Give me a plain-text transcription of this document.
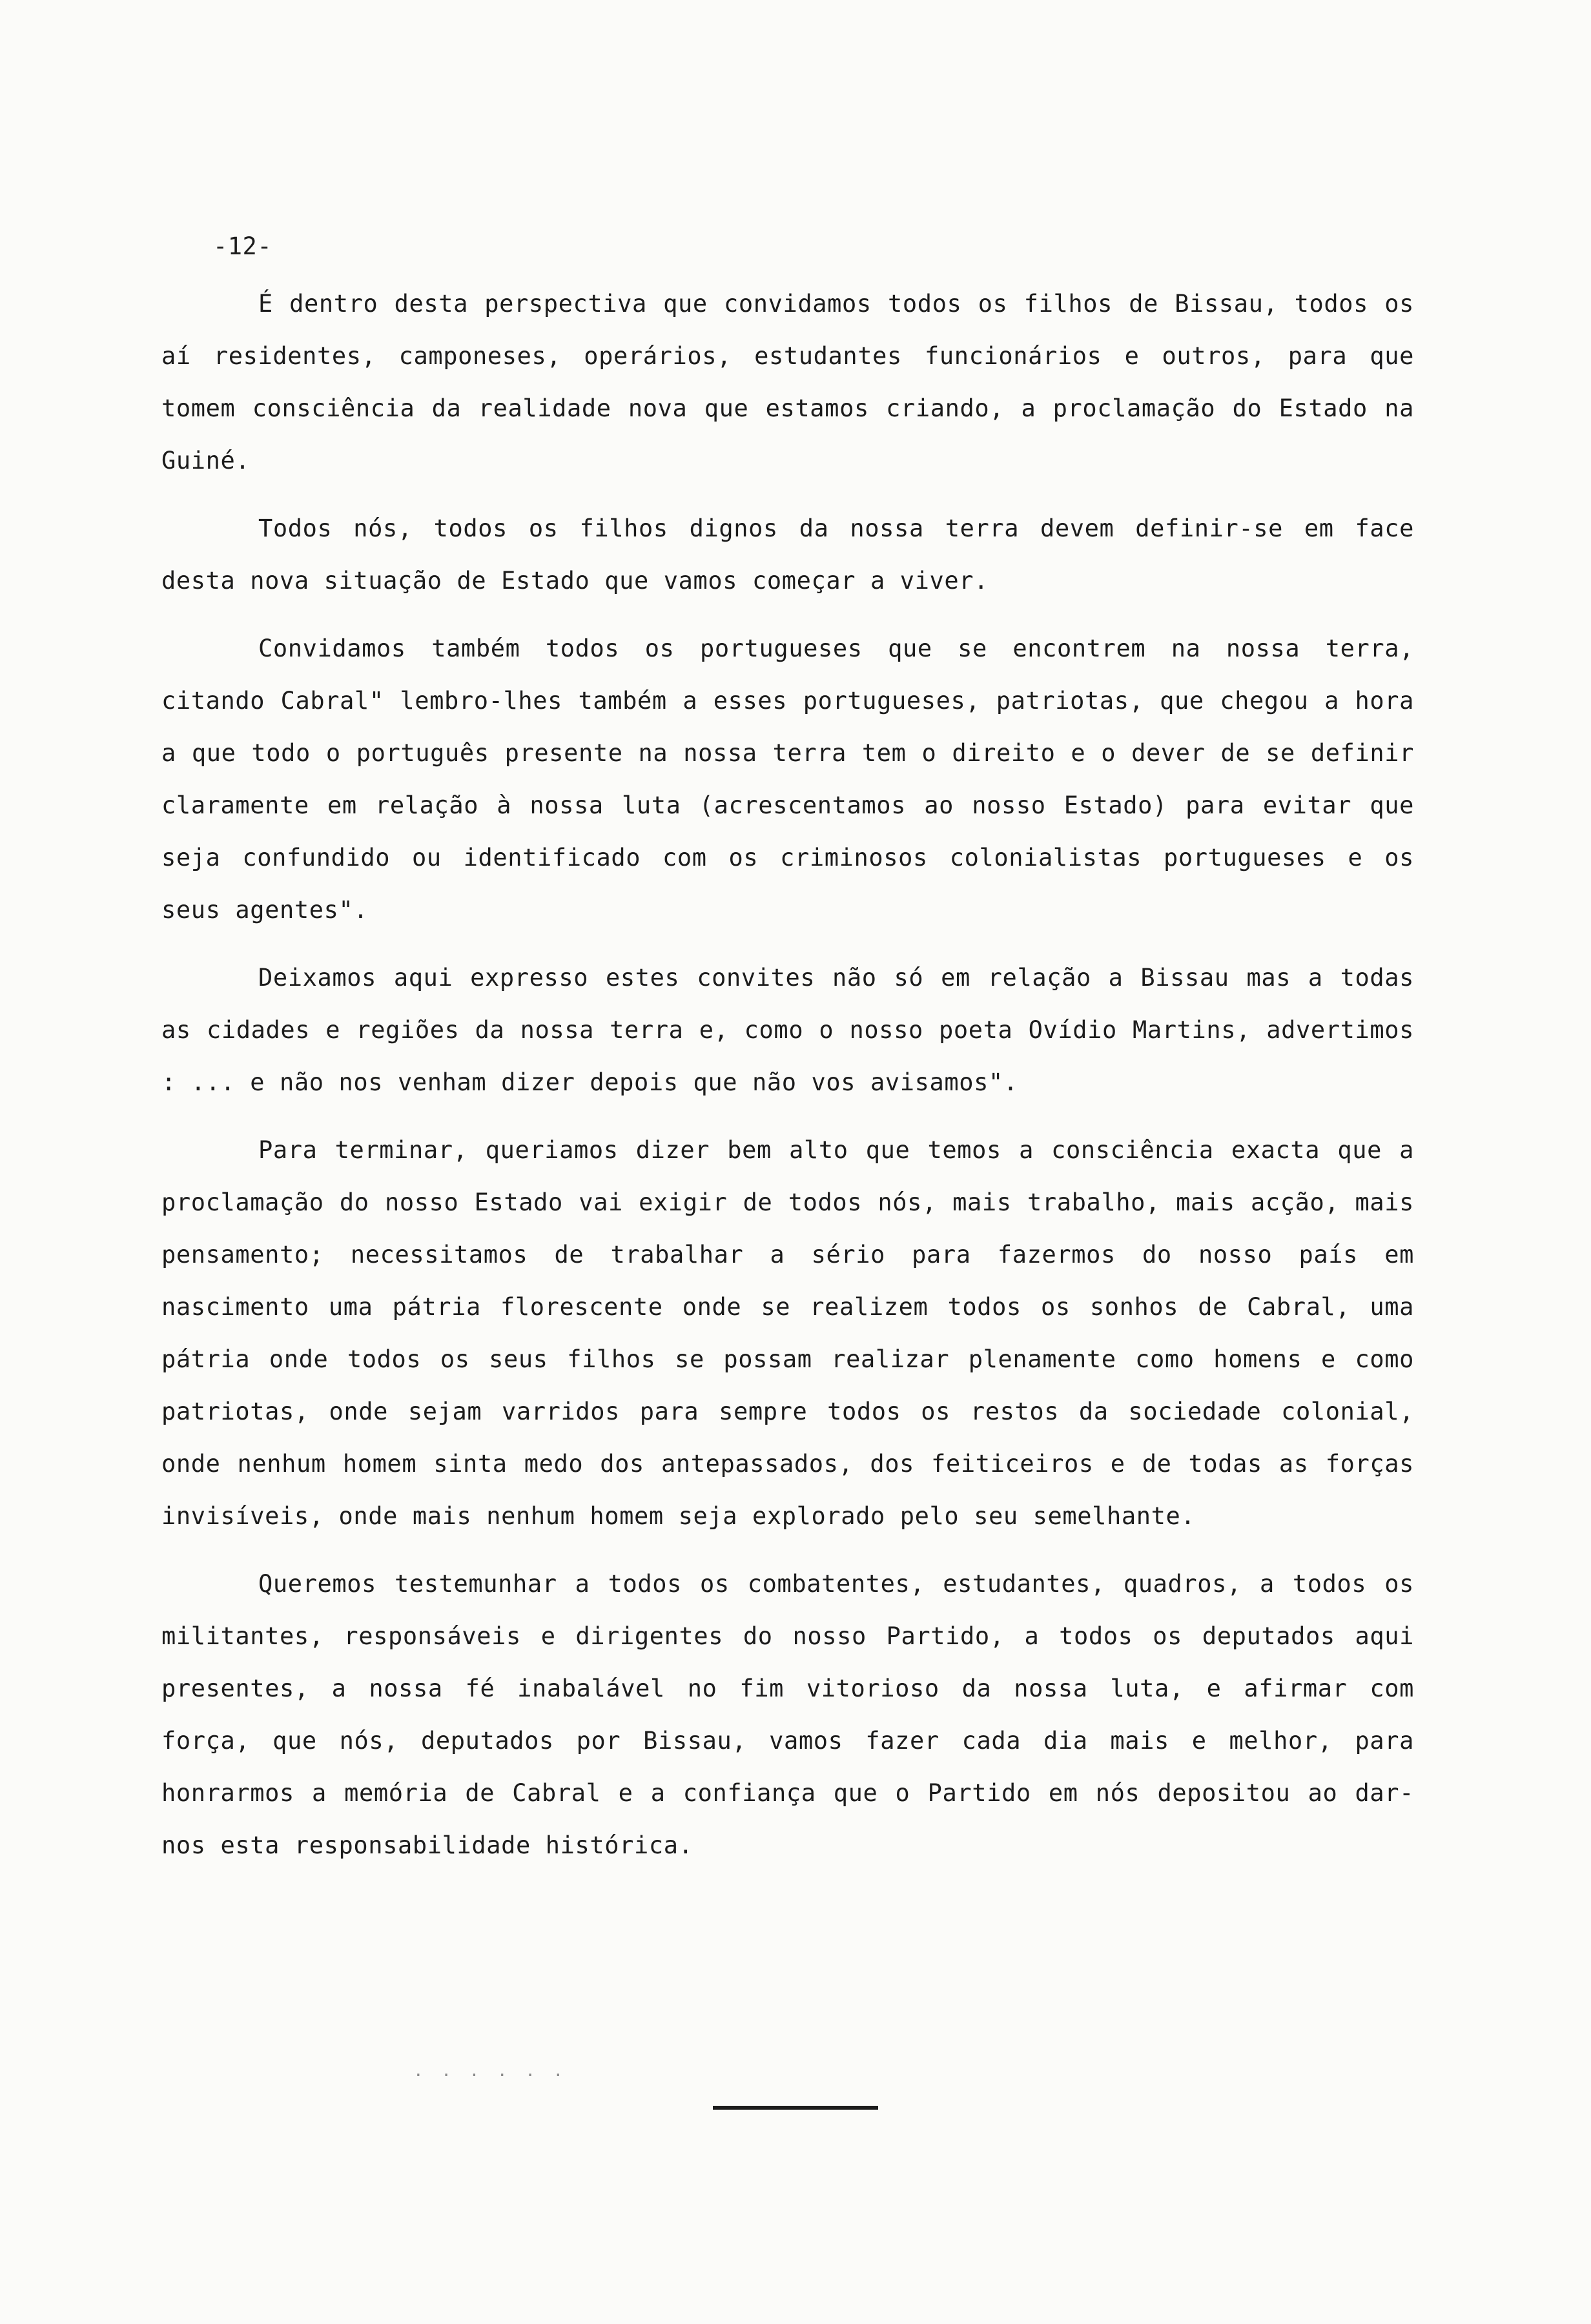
-12-

É dentro desta perspectiva que convidamos todos os filhos de Bissau, todos os aí residentes, camponeses, operários, estudantes funcionários e outros, para que tomem consciência da realidade nova que estamos criando, a proclamação do Estado na Guiné.

Todos nós, todos os filhos dignos da nossa terra devem definir-se em face desta nova situação de Estado que vamos começar a viver.

Convidamos também todos os portugueses que se encontrem na nossa terra, citando Cabral" lembro-lhes também a esses portugueses, patriotas, que chegou a hora a que todo o português presente na nossa terra tem o direito e o dever de se definir claramente em relação à nossa luta (acrescentamos ao nosso Estado) para evitar que seja confundido ou identificado com os criminosos colonialistas portugueses e os seus agentes".

Deixamos aqui expresso estes convites não só em relação a Bissau mas a todas as cidades e regiões da nossa terra e, como o nosso poeta Ovídio Martins, advertimos : ... e não nos venham dizer depois que não vos avisamos".

Para terminar, queriamos dizer bem alto que temos a consciência exacta que a proclamação do nosso Estado vai exigir de todos nós, mais trabalho, mais acção, mais pensamento; necessitamos de trabalhar a sério para fazermos do nosso país em nascimento uma pátria florescente onde se realizem todos os sonhos de Cabral, uma pátria onde todos os seus filhos se possam realizar plenamente como homens e como patriotas, onde sejam varridos para sempre todos os restos da sociedade colonial, onde nenhum homem sinta medo dos antepassados, dos feiticeiros e de todas as forças invisíveis, onde mais nenhum homem seja explorado pelo seu semelhante.

Queremos testemunhar a todos os combatentes, estudantes, quadros, a todos os militantes, responsáveis e dirigentes do nosso Partido, a todos os deputados aqui presentes, a nossa fé inabalável no fim vitorioso da nossa luta, e afirmar com força, que nós, deputados por Bissau, vamos fazer cada dia mais e melhor, para honrarmos a memória de Cabral e a confiança que o Partido em nós depositou ao dar-nos esta responsabilidade histórica.

· · · · · ·
